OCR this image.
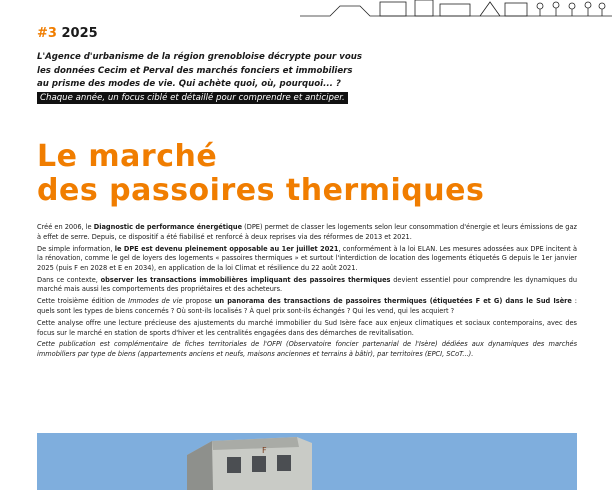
#3 2025
L'Agence d'urbanisme de la région grenobloise décrypte pour vous
les données Cecim et Perval des marchés fonciers et immobiliers
au prisme des modes de vie. Qui achète quoi, où, pourquoi... ?
Chaque année, un focus ciblé et détaillé pour comprendre et anticiper.
Le marché
des passoires thermiques

Créé en 2006, le Diagnostic de performance énergétique (DPE) permet de classer les logements selon leur consommation d'énergie et leurs émissions de gaz à effet de serre. Depuis, ce dispositif a été fiabilisé et renforcé à deux reprises via des réformes de 2013 et 2021.

De simple information, le DPE est devenu pleinement opposable au 1er juillet 2021, conformément à la loi ELAN. Les mesures adossées aux DPE incitent à la rénovation, comme le gel de loyers des logements « passoires thermiques » et surtout l'interdiction de location des logements étiquetés G depuis le 1er janvier 2025 (puis F en 2028 et E en 2034), en application de la loi Climat et résilience du 22 août 2021.

Dans ce contexte, observer les transactions immobilières impliquant des passoires thermiques devient essentiel pour comprendre les dynamiques du marché mais aussi les comportements des propriétaires et des acheteurs.

Cette troisième édition de Immodes de vie propose un panorama des transactions de passoires thermiques (étiquetées F et G) dans le Sud Isère : quels sont les types de biens concernés ? Où sont-ils localisés ? À quel prix sont-ils échangés ? Qui les vend, qui les acquiert ?

Cette analyse offre une lecture précieuse des ajustements du marché immobilier du Sud Isère face aux enjeux climatiques et sociaux contemporains, avec des focus sur le marché en station de sports d'hiver et les centralités engagées dans des démarches de revitalisation.

Cette publication est complémentaire de fiches territoriales de l'OFPI (Observatoire foncier partenarial de l'Isère) dédiées aux dynamiques des marchés immobiliers par type de biens (appartements anciens et neufs, maisons anciennes et terrains à bâtir), par territoires (EPCI, SCoT...).

F
